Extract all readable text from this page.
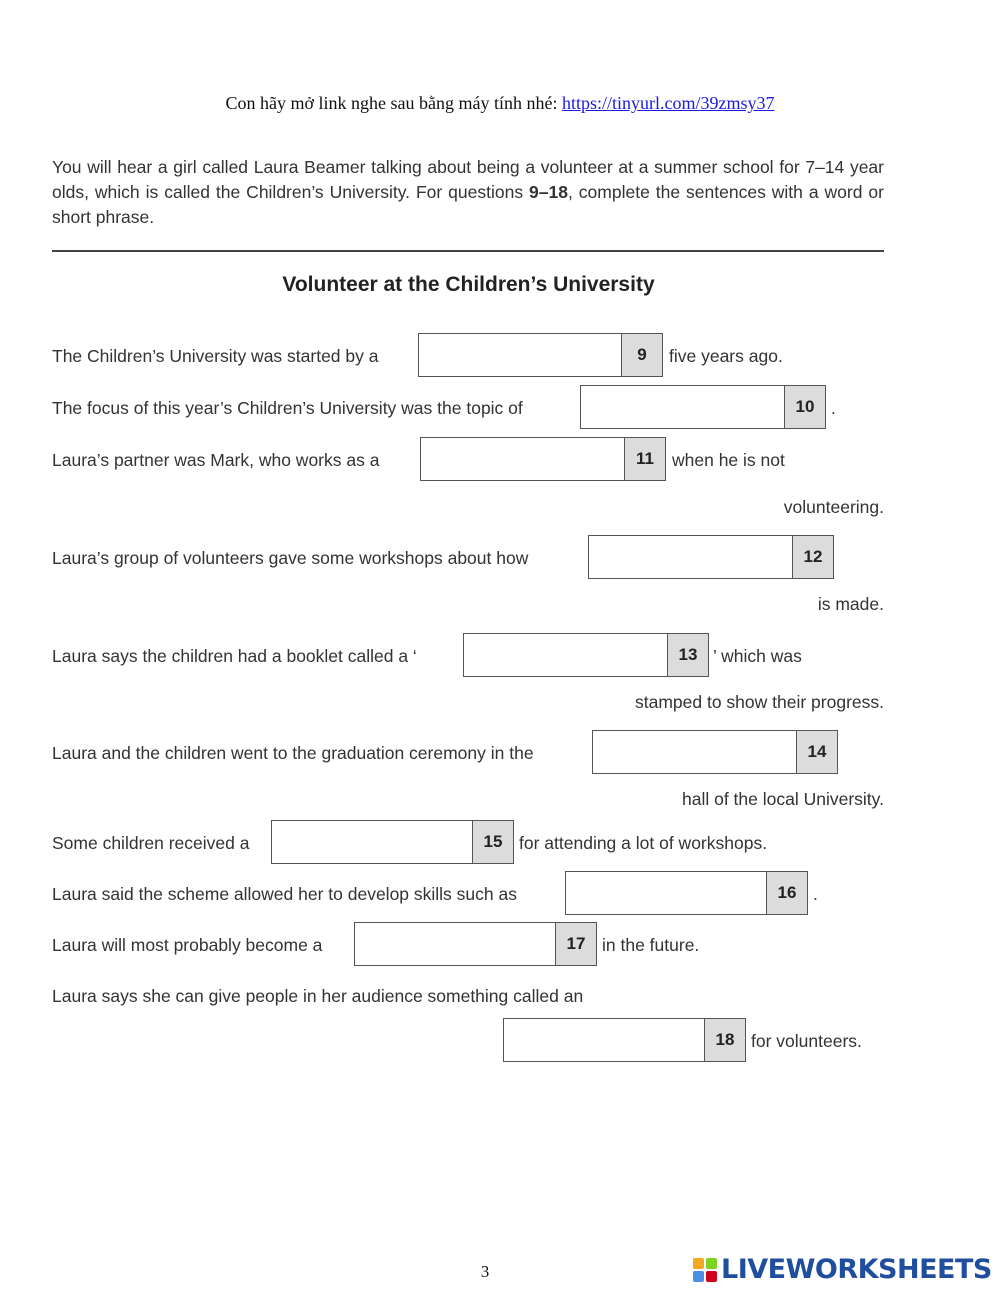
Con hãy mở link nghe sau bằng máy tính nhé: https://tinyurl.com/39zmsy37
You will hear a girl called Laura Beamer talking about being a volunteer at a summer school for 7–14 year olds, which is called the Children’s University. For questions 9–18, complete the sentences with a word or short phrase.
Volunteer at the Children’s University
The Children’s University was started by a	9	five years ago.
The focus of this year’s Children’s University was the topic of	10 .
Laura’s partner was Mark, who works as a	11	when he is not
volunteering.
Laura’s group of volunteers gave some workshops about how	12
is made.
Laura says the children had a booklet called a ‘	13 ’ which was
stamped to show their progress.
Laura and the children went to the graduation ceremony in the	14
hall of the local University.
Some children received a	15 for attending a lot of workshops.
Laura said the scheme allowed her to develop skills such as	16 .
Laura will most probably become a	17 in the future.
Laura says she can give people in her audience something called an
18 for volunteers.
3	LIVEWORKSHEETS
